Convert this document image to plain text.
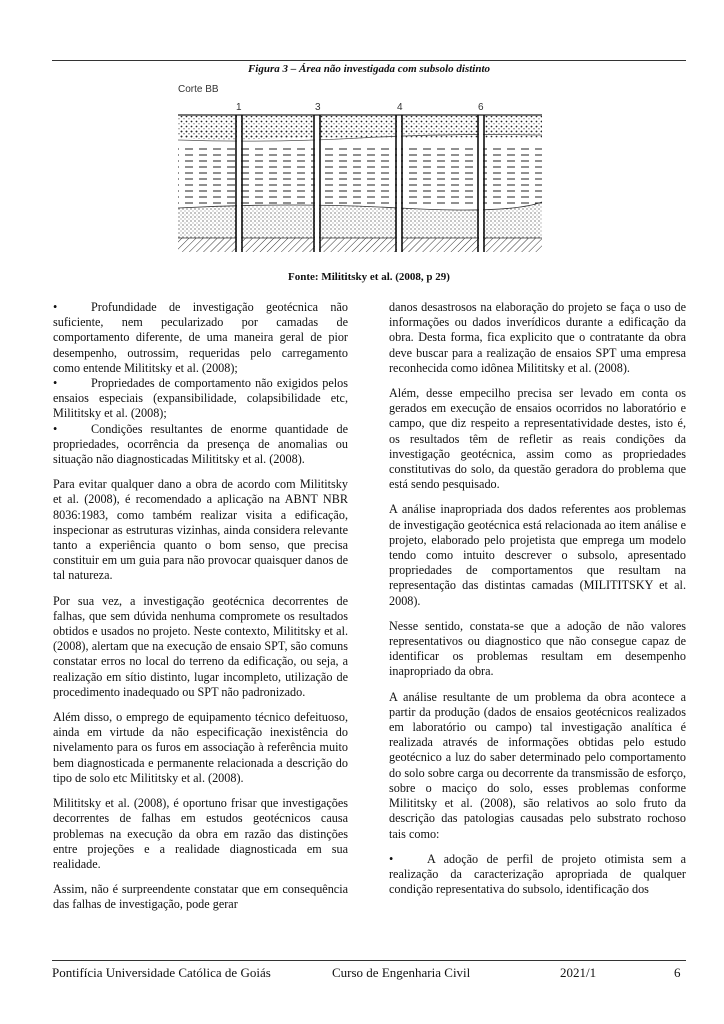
Figura 3 – Área não investigada com subsolo distinto
Corte BB
1	3	4	6
Fonte: Milititsky et al. (2008, p 29)

•	Profundidade de investigação geotécnica não suficiente, nem pecularizado por camadas de comportamento diferente, de uma maneira geral de pior desempenho, outrossim, requeridas pelo carregamento como entende Milititsky et al. (2008);

•	Propriedades de comportamento não exigidos pelos ensaios especiais (expansibilidade, colapsibilidade etc, Milititsky et al. (2008);

•	Condições resultantes de enorme quantidade de propriedades, ocorrência da presença de anomalias ou situação não diagnosticadas Milititsky et al. (2008).

Para evitar qualquer dano a obra de acordo com Milititsky et al. (2008), é recomendado a aplicação na ABNT NBR 8036:1983, como também realizar visita a edificação, inspecionar as estruturas vizinhas, ainda considera relevante tanto a experiência quanto o bom senso, que precisa constituir em um guia para não provocar quaisquer danos de tal natureza.

Por sua vez, a investigação geotécnica decorrentes de falhas, que sem dúvida nenhuma compromete os resultados obtidos e usados no projeto. Neste contexto, Milititsky et al. (2008), alertam que na execução de ensaio SPT, são comuns constatar erros no local do terreno da edificação, ou seja, a realização em sítio distinto, lugar incompleto, utilização de procedimento inadequado ou SPT não padronizado.

Além disso, o emprego de equipamento técnico defeituoso, ainda em virtude da não especificação inexistência do nivelamento para os furos em associação à referência muito bem diagnosticada e permanente relacionada a descrição do tipo de solo etc Milititsky et al. (2008).

Milititsky et al. (2008), é oportuno frisar que investigações decorrentes de falhas em estudos geotécnicos causa problemas na execução da obra em razão das distinções entre projeções e a realidade diagnosticada em sua realidade.

Assim, não é surpreendente constatar que em consequência das falhas de investigação, pode gerar

danos desastrosos na elaboração do projeto se faça o uso de informações ou dados inverídicos durante a edificação da obra. Desta forma, fica explicito que o contratante da obra deve buscar para a realização de ensaios SPT uma empresa reconhecida como idônea Milititsky et al. (2008).

Além, desse empecilho precisa ser levado em conta os gerados em execução de ensaios ocorridos no laboratório e campo, que diz respeito a representatividade destes, isto é, os resultados têm de refletir as reais condições da investigação geotécnica, assim como as propriedades constitutivas do solo, da questão geradora do problema que está sendo pesquisado.

A análise inapropriada dos dados referentes aos problemas de investigação geotécnica está relacionada ao item análise e projeto, elaborado pelo projetista que emprega um modelo tendo como intuito descrever o subsolo, apresentado propriedades de comportamentos que resultam na representação das distintas camadas (MILITITSKY et al. 2008).

Nesse sentido, constata-se que a adoção de não valores representativos ou diagnostico que não consegue capaz de identificar os problemas resultam em desempenho inapropriado da obra.

A análise resultante de um problema da obra acontece a partir da produção (dados de ensaios geotécnicos realizados em laboratório ou campo) tal investigação analítica é realizada através de informações obtidas pelo estudo geotécnico a luz do saber determinado pelo comportamento do solo sobre carga ou decorrente da transmissão de esforço, sobre o maciço do solo, esses problemas conforme Milititsky et al. (2008), são relativos ao solo fruto da descrição das patologias causadas pelo substrato rochoso tais como:

•	A adoção de perfil de projeto otimista sem a realização da caracterização apropriada de qualquer condição representativa do subsolo, identificação dos

Pontifícia Universidade Católica de Goiás	Curso de Engenharia Civil	2021/1	6
